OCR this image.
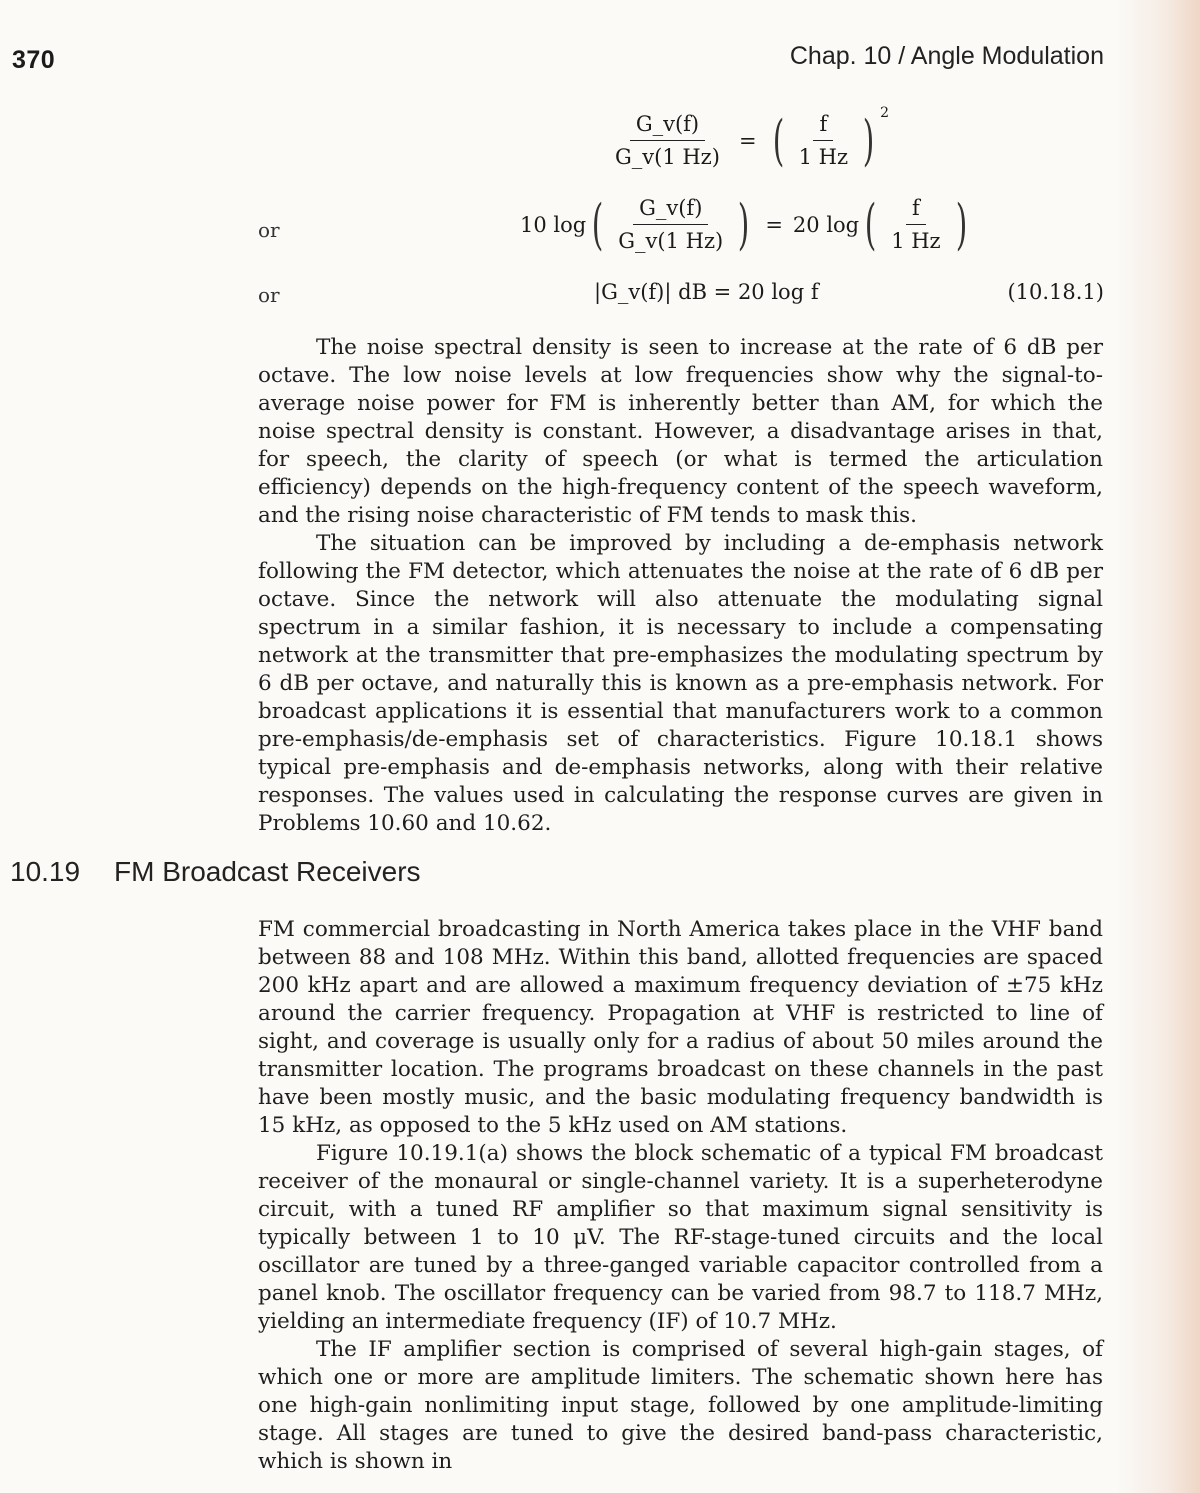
370	Chap. 10 / Angle Modulation
$\frac{G\_v(f)}{G\_v(1 Hz)}$ = ( $\frac{f}{1 Hz}$ ) 2
or	10 log ( $\frac{G\_v(f)}{G\_v(1 Hz)}$ ) = 20 log ( $\frac{f}{1 Hz}$ )
or	|G_v(f)| dB = 20 log f	(10.18.1)

The noise spectral density is seen to increase at the rate of 6 dB per octave. The low noise levels at low frequencies show why the signal-to-average noise power for FM is inherently better than AM, for which the noise spectral density is constant. However, a disadvantage arises in that, for speech, the clarity of speech (or what is termed the articulation efficiency) depends on the high-frequency content of the speech waveform, and the rising noise characteristic of FM tends to mask this.

The situation can be improved by including a de-emphasis network following the FM detector, which attenuates the noise at the rate of 6 dB per octave. Since the network will also attenuate the modulating signal spectrum in a similar fashion, it is necessary to include a compensating network at the transmitter that pre-emphasizes the modulating spectrum by 6 dB per octave, and naturally this is known as a pre-emphasis network. For broadcast applications it is essential that manufacturers work to a common pre-emphasis/de-emphasis set of characteristics. Figure 10.18.1 shows typical pre-emphasis and de-emphasis networks, along with their relative responses. The values used in calculating the response curves are given in Problems 10.60 and 10.62.

10.19 FM Broadcast Receivers

FM commercial broadcasting in North America takes place in the VHF band between 88 and 108 MHz. Within this band, allotted frequencies are spaced 200 kHz apart and are allowed a maximum frequency deviation of ±75 kHz around the carrier frequency. Propagation at VHF is restricted to line of sight, and coverage is usually only for a radius of about 50 miles around the transmitter location. The programs broadcast on these channels in the past have been mostly music, and the basic modulating frequency bandwidth is 15 kHz, as opposed to the 5 kHz used on AM stations.

Figure 10.19.1(a) shows the block schematic of a typical FM broadcast receiver of the monaural or single-channel variety. It is a superheterodyne circuit, with a tuned RF amplifier so that maximum signal sensitivity is typically between 1 to 10 μV. The RF-stage-tuned circuits and the local oscillator are tuned by a three-ganged variable capacitor controlled from a panel knob. The oscillator frequency can be varied from 98.7 to 118.7 MHz, yielding an intermediate frequency (IF) of 10.7 MHz.

The IF amplifier section is comprised of several high-gain stages, of which one or more are amplitude limiters. The schematic shown here has one high-gain nonlimiting input stage, followed by one amplitude-limiting stage. All stages are tuned to give the desired band-pass characteristic, which is shown in
